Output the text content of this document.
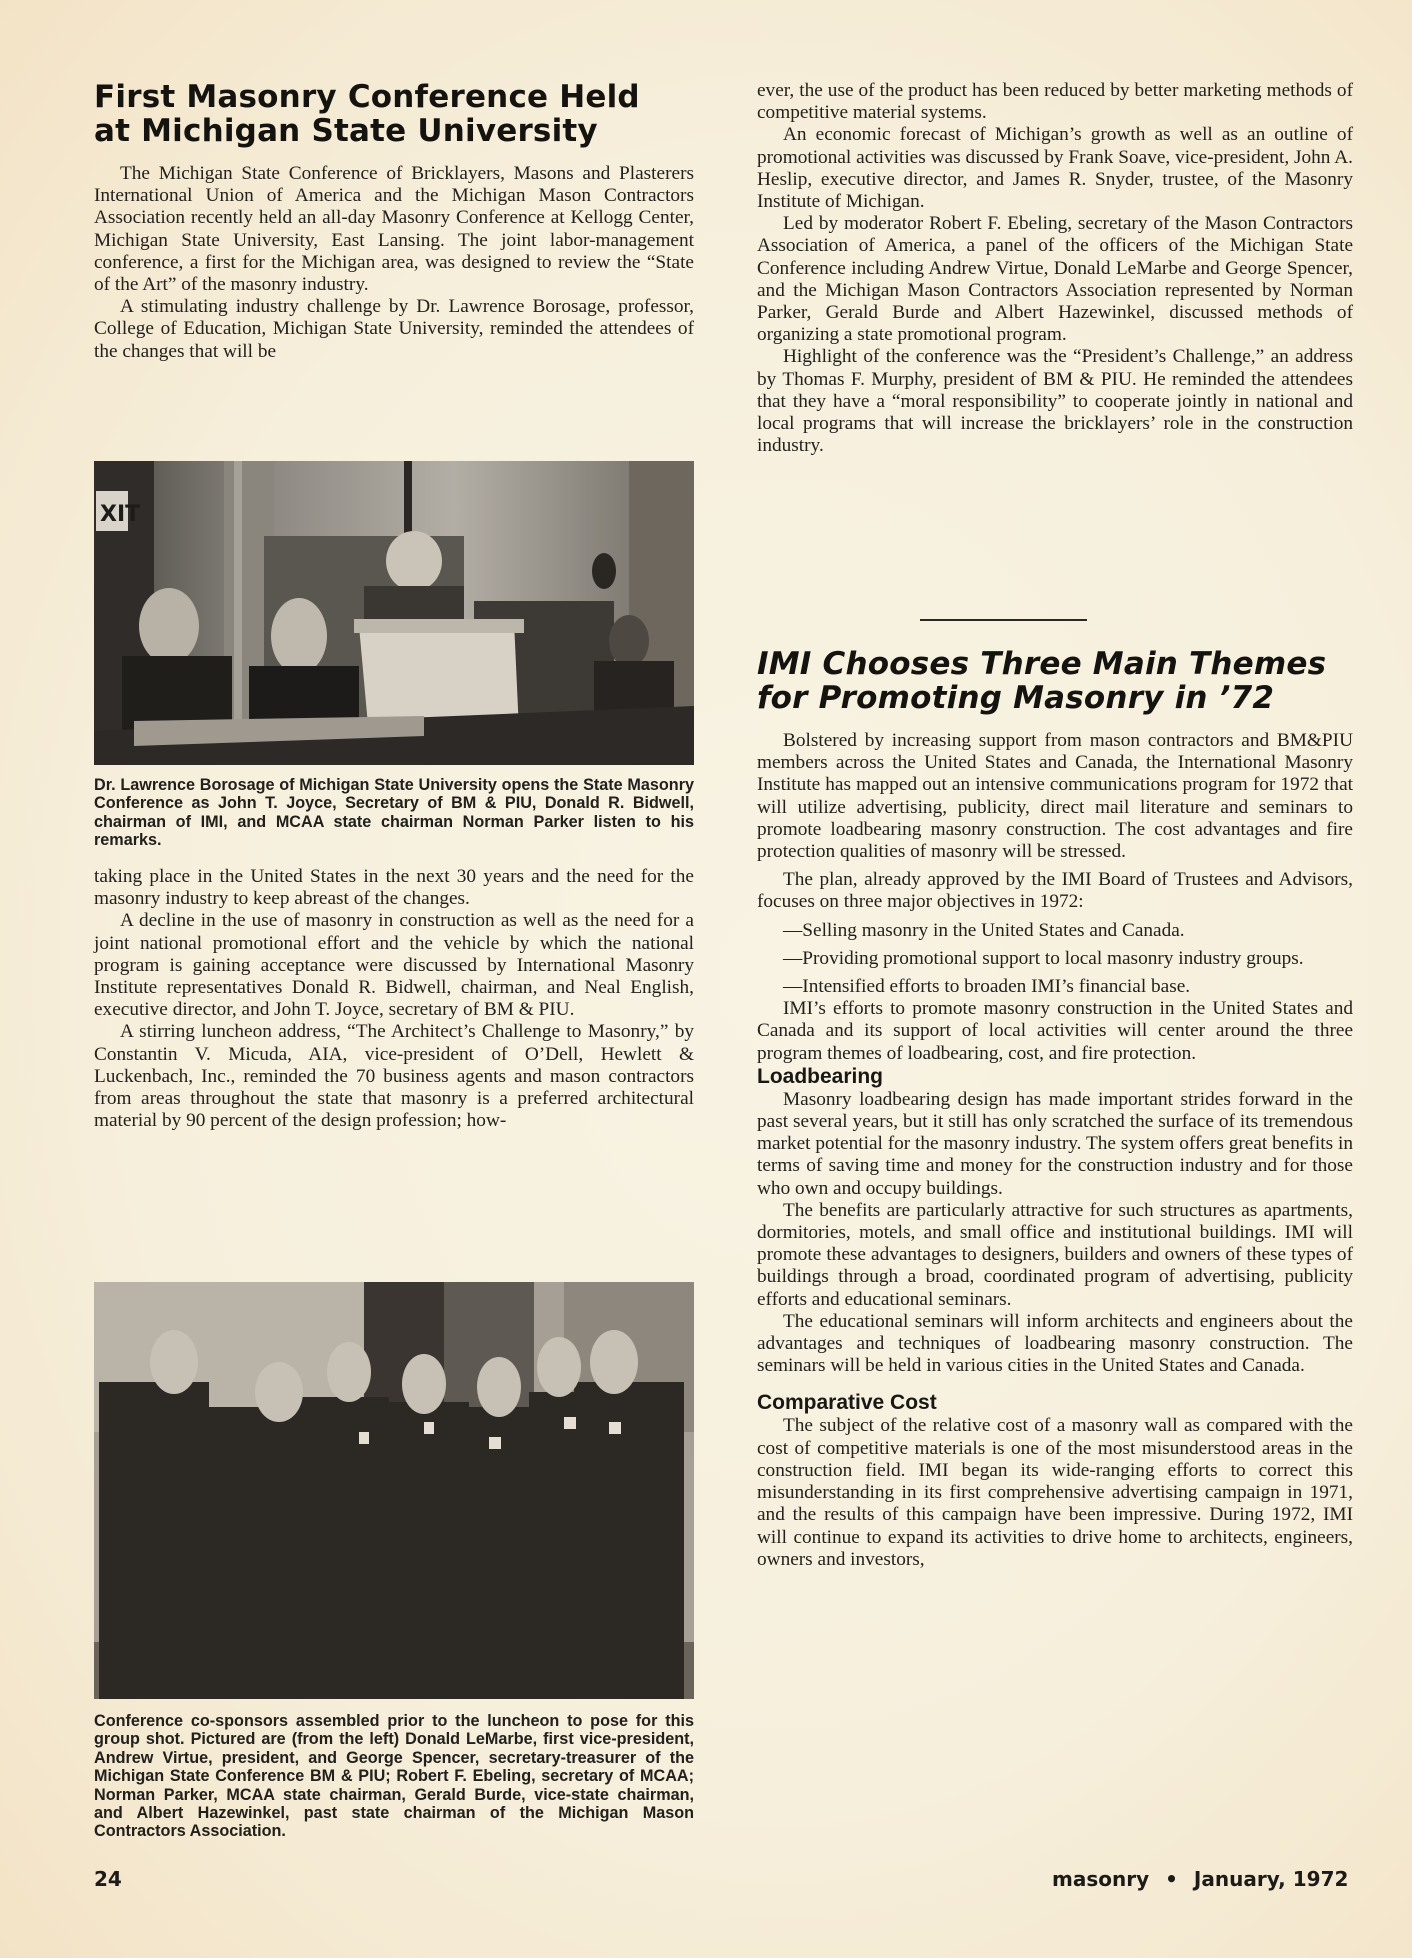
First Masonry Conference Held
at Michigan State University

The Michigan State Conference of Bricklayers, Masons and Plasterers International Union of America and the Michigan Mason Contractors Association recently held an all-day Masonry Conference at Kellogg Center, Michigan State University, East Lansing. The joint labor-management conference, a first for the Michigan area, was designed to review the “State of the Art” of the masonry industry.

A stimulating industry challenge by Dr. Lawrence Borosage, professor, College of Education, Michigan State University, reminded the attendees of the changes that will be

XIT

Dr. Lawrence Borosage of Michigan State University opens the State Masonry Conference as John T. Joyce, Secretary of BM & PIU, Donald R. Bidwell, chairman of IMI, and MCAA state chairman Norman Parker listen to his remarks.

taking place in the United States in the next 30 years and the need for the masonry industry to keep abreast of the changes.

A decline in the use of masonry in construction as well as the need for a joint national promotional effort and the vehicle by which the national program is gaining acceptance were discussed by International Masonry Institute representatives Donald R. Bidwell, chairman, and Neal English, executive director, and John T. Joyce, secretary of BM & PIU.

A stirring luncheon address, “The Architect’s Challenge to Masonry,” by Constantin V. Micuda, AIA, vice-president of O’Dell, Hewlett & Luckenbach, Inc., reminded the 70 business agents and mason contractors from areas throughout the state that masonry is a preferred architectural material by 90 percent of the design profession; how-

Conference co-sponsors assembled prior to the luncheon to pose for this group shot. Pictured are (from the left) Donald LeMarbe, first vice-president, Andrew Virtue, president, and George Spencer, secretary-treasurer of the Michigan State Conference BM & PIU; Robert F. Ebeling, secretary of MCAA; Norman Parker, MCAA state chairman, Gerald Burde, vice-state chairman, and Albert Hazewinkel, past state chairman of the Michigan Mason Contractors Association.

ever, the use of the product has been reduced by better marketing methods of competitive material systems.

An economic forecast of Michigan’s growth as well as an outline of promotional activities was discussed by Frank Soave, vice-president, John A. Heslip, executive director, and James R. Snyder, trustee, of the Masonry Institute of Michigan.

Led by moderator Robert F. Ebeling, secretary of the Mason Contractors Association of America, a panel of the officers of the Michigan State Conference including Andrew Virtue, Donald LeMarbe and George Spencer, and the Michigan Mason Contractors Association represented by Norman Parker, Gerald Burde and Albert Hazewinkel, discussed methods of organizing a state promotional program.

Highlight of the conference was the “President’s Challenge,” an address by Thomas F. Murphy, president of BM & PIU. He reminded the attendees that they have a “moral responsibility” to cooperate jointly in national and local programs that will increase the bricklayers’ role in the construction industry.

IMI Chooses Three Main Themes
for Promoting Masonry in ’72

Bolstered by increasing support from mason contractors and BM&PIU members across the United States and Canada, the International Masonry Institute has mapped out an intensive communications program for 1972 that will utilize advertising, publicity, direct mail literature and seminars to promote loadbearing masonry construction. The cost advantages and fire protection qualities of masonry will be stressed.

The plan, already approved by the IMI Board of Trustees and Advisors, focuses on three major objectives in 1972:

—Selling masonry in the United States and Canada.

—Providing promotional support to local masonry industry groups.

—Intensified efforts to broaden IMI’s financial base.

IMI’s efforts to promote masonry construction in the United States and Canada and its support of local activities will center around the three program themes of loadbearing, cost, and fire protection.

Loadbearing

Masonry loadbearing design has made important strides forward in the past several years, but it still has only scratched the surface of its tremendous market potential for the masonry industry. The system offers great benefits in terms of saving time and money for the construction industry and for those who own and occupy buildings.

The benefits are particularly attractive for such structures as apartments, dormitories, motels, and small office and institutional buildings. IMI will promote these advantages to designers, builders and owners of these types of buildings through a broad, coordinated program of advertising, publicity efforts and educational seminars.

The educational seminars will inform architects and engineers about the advantages and techniques of loadbearing masonry construction. The seminars will be held in various cities in the United States and Canada.

Comparative Cost

The subject of the relative cost of a masonry wall as compared with the cost of competitive materials is one of the most misunderstood areas in the construction field. IMI began its wide-ranging efforts to correct this misunderstanding in its first comprehensive advertising campaign in 1971, and the results of this campaign have been impressive. During 1972, IMI will continue to expand its activities to drive home to architects, engineers, owners and investors,

24	masonry • January, 1972
